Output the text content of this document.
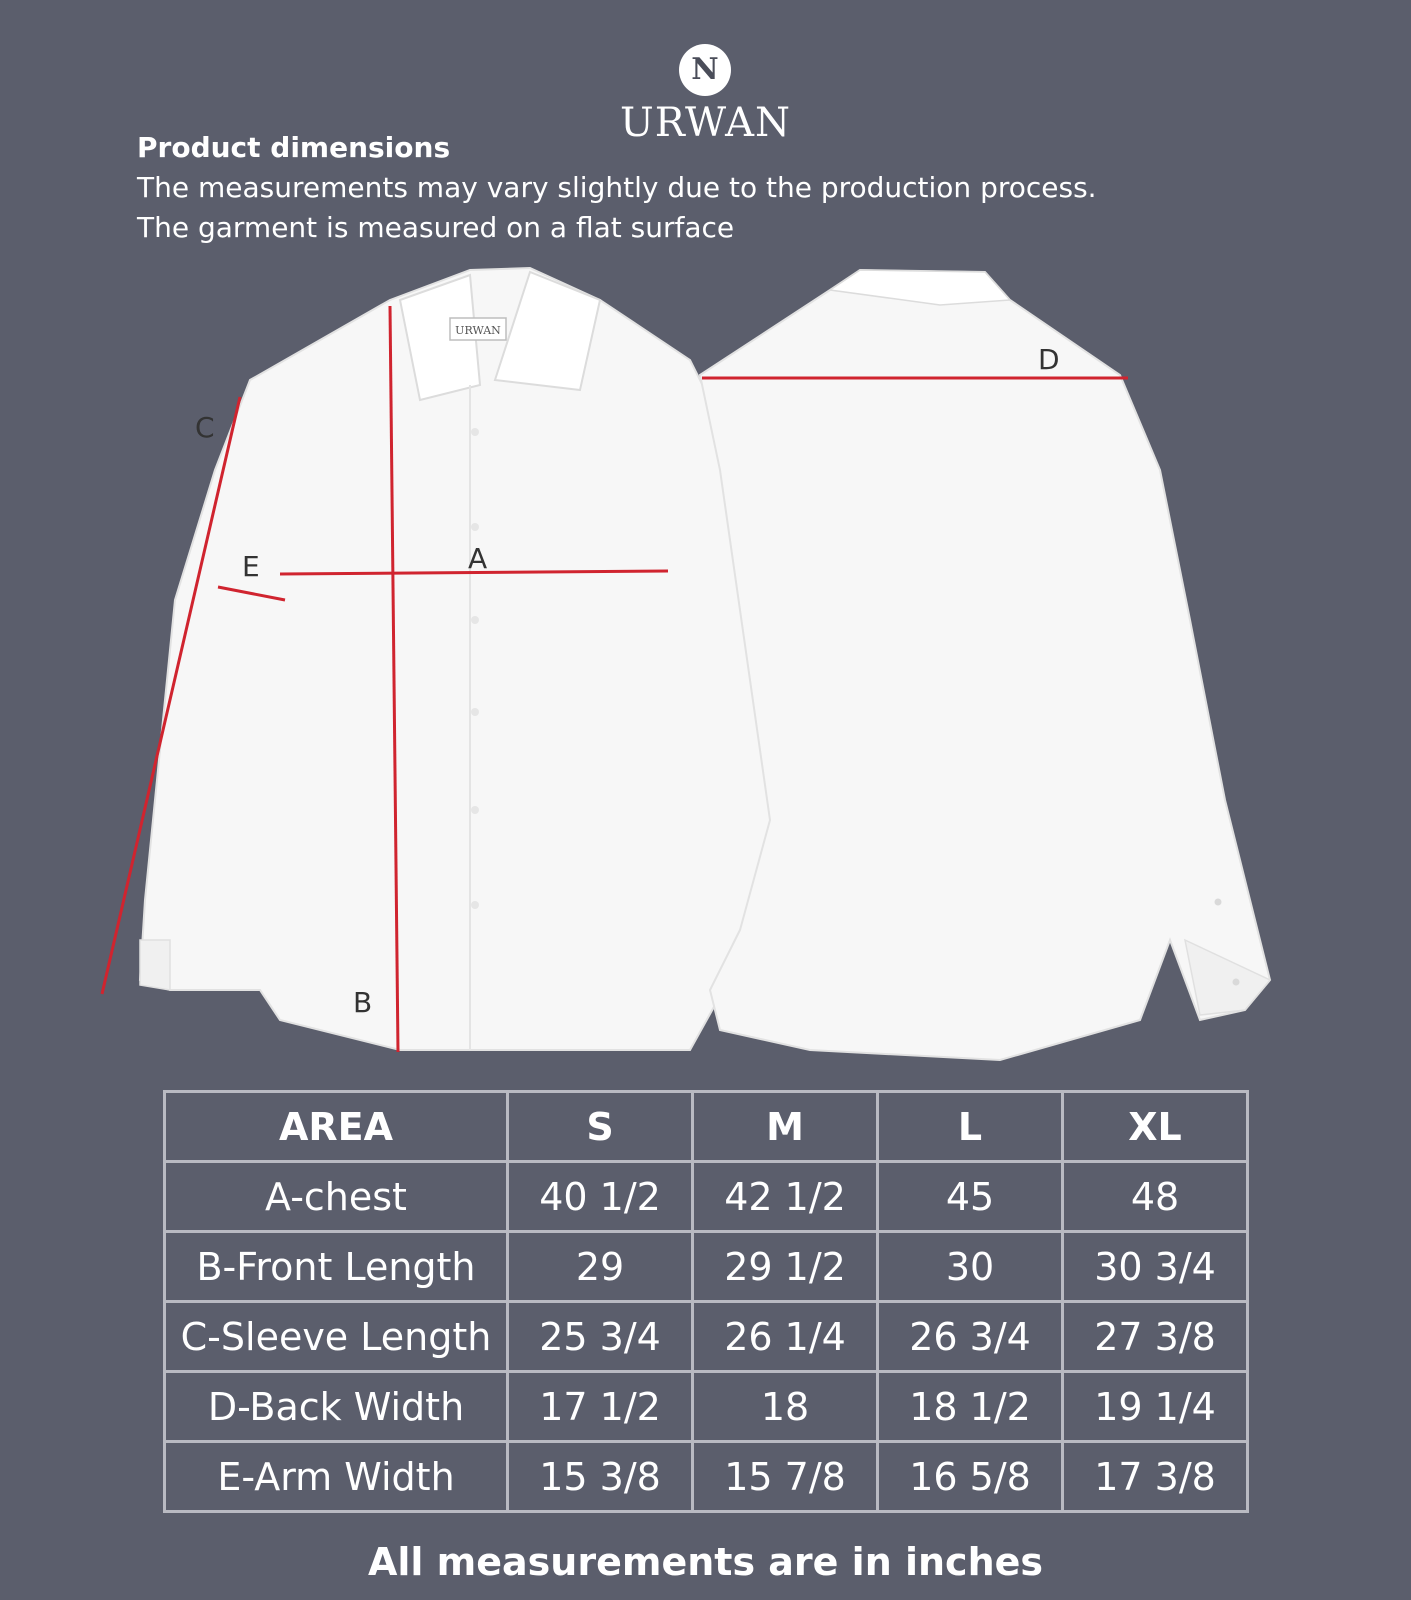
N
URWAN
Product dimensions
The measurements may vary slightly due to the production process.
The garment is measured on a flat surface
URWAN
A
B
C
D
E
AREA	S	M	L	XL
A-chest	40 1/2	42 1/2	45	48
B-Front Length	29	29 1/2	30	30 3/4
C-Sleeve Length	25 3/4	26 1/4	26 3/4	27 3/8
D-Back Width	17 1/2	18	18 1/2	19 1/4
E-Arm Width	15 3/8	15 7/8	16 5/8	17 3/8
All measurements are in inches
